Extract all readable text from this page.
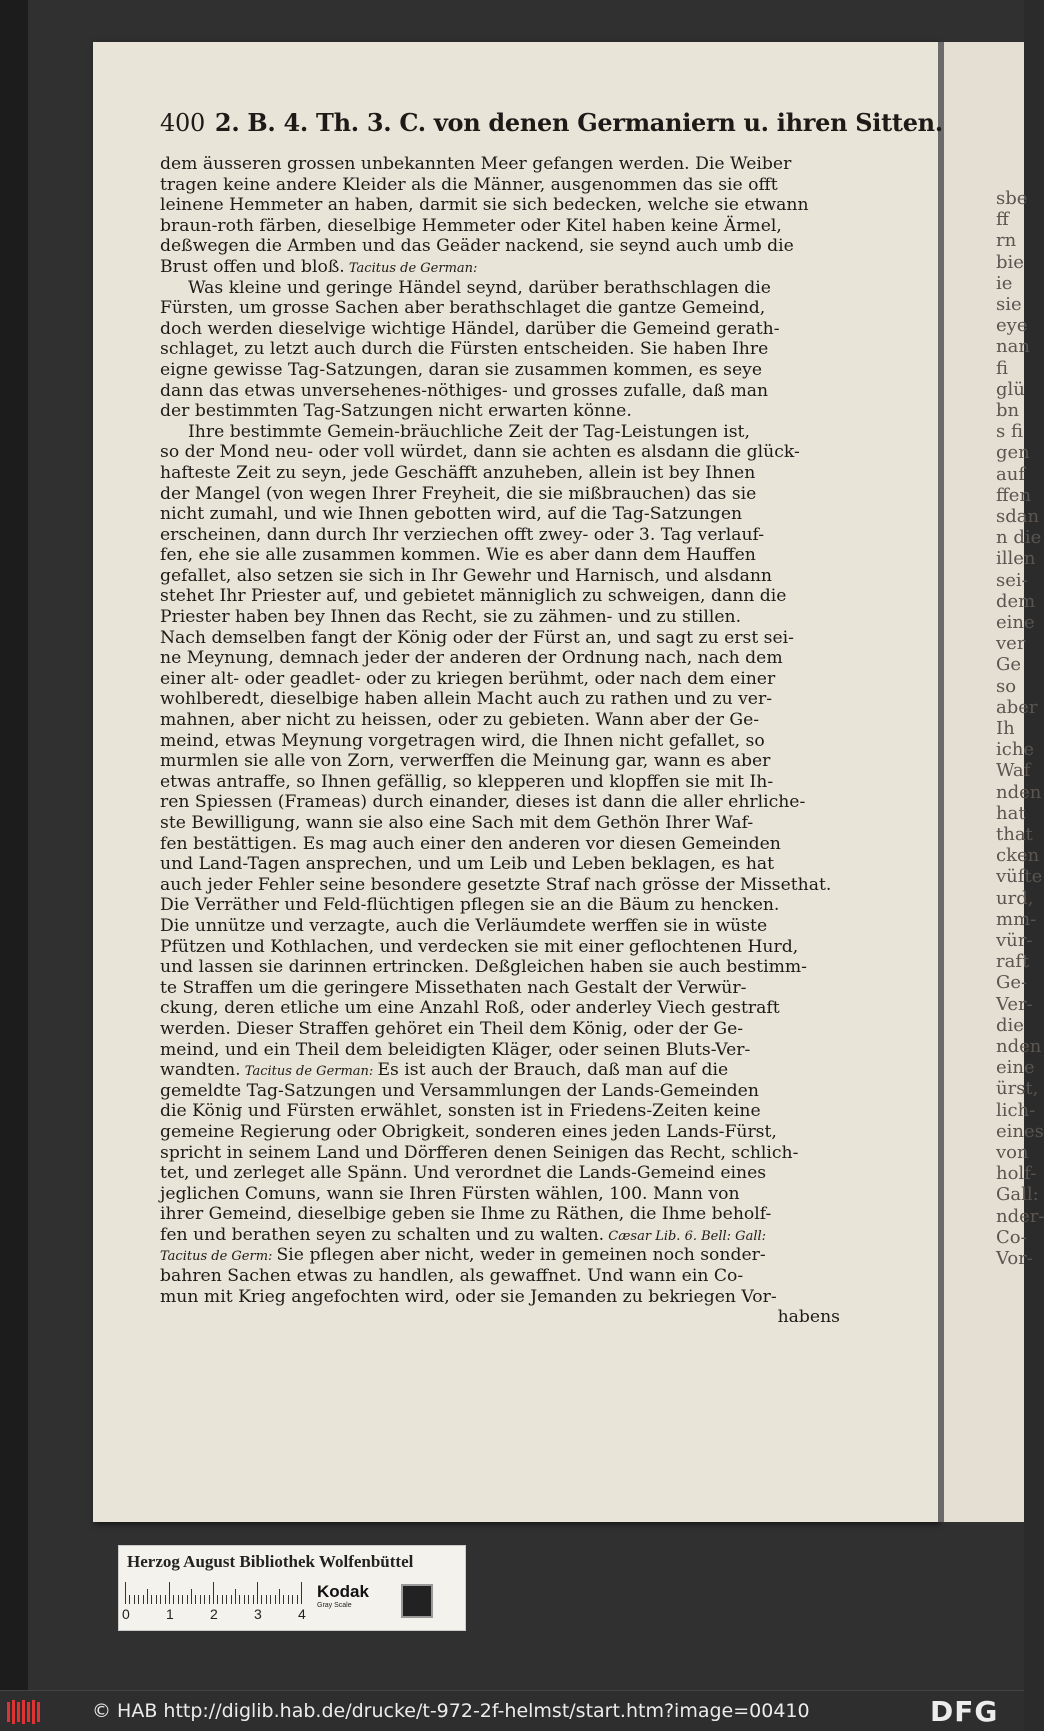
sbe
ff
rn
bie
ie
sie
eye
nan
fi
glü
bn
s fi
gen
auf
ffen
sdan
n die
illen
sei-
dem
eine
ver
Ge
so
aber
Ih
iche
Waf
nden
hat
that
cken
vüfte
urd,
mm-
vür-
raft
Ge-
Ver-
die
nden
eine
ürst,
lich-
eines
von
holf-
Gall:
nder-
Co-
Vor-
400 2. B. 4. Th. 3. C. von denen Germaniern u. ihren Sitten.
dem äusseren grossen unbekannten Meer gefangen werden. Die Weiber
tragen keine andere Kleider als die Männer, ausgenommen das sie offt
leinene Hemmeter an haben, darmit sie sich bedecken, welche sie etwann
braun-roth färben, dieselbige Hemmeter oder Kitel haben keine Ärmel,
deßwegen die Armben und das Geäder nackend, sie seynd auch umb die
Brust offen und bloß. Tacitus de German:
Was kleine und geringe Händel seynd, darüber berathschlagen die
Fürsten, um grosse Sachen aber berathschlaget die gantze Gemeind,
doch werden dieselvige wichtige Händel, darüber die Gemeind gerath-
schlaget, zu letzt auch durch die Fürsten entscheiden. Sie haben Ihre
eigne gewisse Tag-Satzungen, daran sie zusammen kommen, es seye
dann das etwas unversehenes-nöthiges- und grosses zufalle, daß man
der bestimmten Tag-Satzungen nicht erwarten könne.
Ihre bestimmte Gemein-bräuchliche Zeit der Tag-Leistungen ist,
so der Mond neu- oder voll würdet, dann sie achten es alsdann die glück-
hafteste Zeit zu seyn, jede Geschäfft anzuheben, allein ist bey Ihnen
der Mangel (von wegen Ihrer Freyheit, die sie mißbrauchen) das sie
nicht zumahl, und wie Ihnen gebotten wird, auf die Tag-Satzungen
erscheinen, dann durch Ihr verziechen offt zwey- oder 3. Tag verlauf-
fen, ehe sie alle zusammen kommen. Wie es aber dann dem Hauffen
gefallet, also setzen sie sich in Ihr Gewehr und Harnisch, und alsdann
stehet Ihr Priester auf, und gebietet männiglich zu schweigen, dann die
Priester haben bey Ihnen das Recht, sie zu zähmen- und zu stillen.
Nach demselben fangt der König oder der Fürst an, und sagt zu erst sei-
ne Meynung, demnach jeder der anderen der Ordnung nach, nach dem
einer alt- oder geadlet- oder zu kriegen berühmt, oder nach dem einer
wohlberedt, dieselbige haben allein Macht auch zu rathen und zu ver-
mahnen, aber nicht zu heissen, oder zu gebieten. Wann aber der Ge-
meind, etwas Meynung vorgetragen wird, die Ihnen nicht gefallet, so
murmlen sie alle von Zorn, verwerffen die Meinung gar, wann es aber
etwas antraffe, so Ihnen gefällig, so klepperen und klopffen sie mit Ih-
ren Spiessen (Frameas) durch einander, dieses ist dann die aller ehrliche-
ste Bewilligung, wann sie also eine Sach mit dem Gethön Ihrer Waf-
fen bestättigen. Es mag auch einer den anderen vor diesen Gemeinden
und Land-Tagen ansprechen, und um Leib und Leben beklagen, es hat
auch jeder Fehler seine besondere gesetzte Straf nach grösse der Missethat.
Die Verräther und Feld-flüchtigen pflegen sie an die Bäum zu hencken.
Die unnütze und verzagte, auch die Verläumdete werffen sie in wüste
Pfützen und Kothlachen, und verdecken sie mit einer geflochtenen Hurd,
und lassen sie darinnen ertrincken. Deßgleichen haben sie auch bestimm-
te Straffen um die geringere Missethaten nach Gestalt der Verwür-
ckung, deren etliche um eine Anzahl Roß, oder anderley Viech gestraft
werden. Dieser Straffen gehöret ein Theil dem König, oder der Ge-
meind, und ein Theil dem beleidigten Kläger, oder seinen Bluts-Ver-
wandten. Tacitus de German: Es ist auch der Brauch, daß man auf die
gemeldte Tag-Satzungen und Versammlungen der Lands-Gemeinden
die König und Fürsten erwählet, sonsten ist in Friedens-Zeiten keine
gemeine Regierung oder Obrigkeit, sonderen eines jeden Lands-Fürst,
spricht in seinem Land und Dörfferen denen Seinigen das Recht, schlich-
tet, und zerleget alle Spänn. Und verordnet die Lands-Gemeind eines
jeglichen Comuns, wann sie Ihren Fürsten wählen, 100. Mann von
ihrer Gemeind, dieselbige geben sie Ihme zu Räthen, die Ihme beholf-
fen und berathen seyen zu schalten und zu walten. Cæsar Lib. 6. Bell: Gall:
Tacitus de Germ: Sie pflegen aber nicht, weder in gemeinen noch sonder-
bahren Sachen etwas zu handlen, als gewaffnet. Und wann ein Co-
mun mit Krieg angefochten wird, oder sie Jemanden zu bekriegen Vor-
habens
Herzog August Bibliothek Wolfenbüttel
0	1	2	3	4
Kodak
Gray Scale
© HAB http://diglib.hab.de/drucke/t-972-2f-helmst/start.htm?image=00410	DFG
